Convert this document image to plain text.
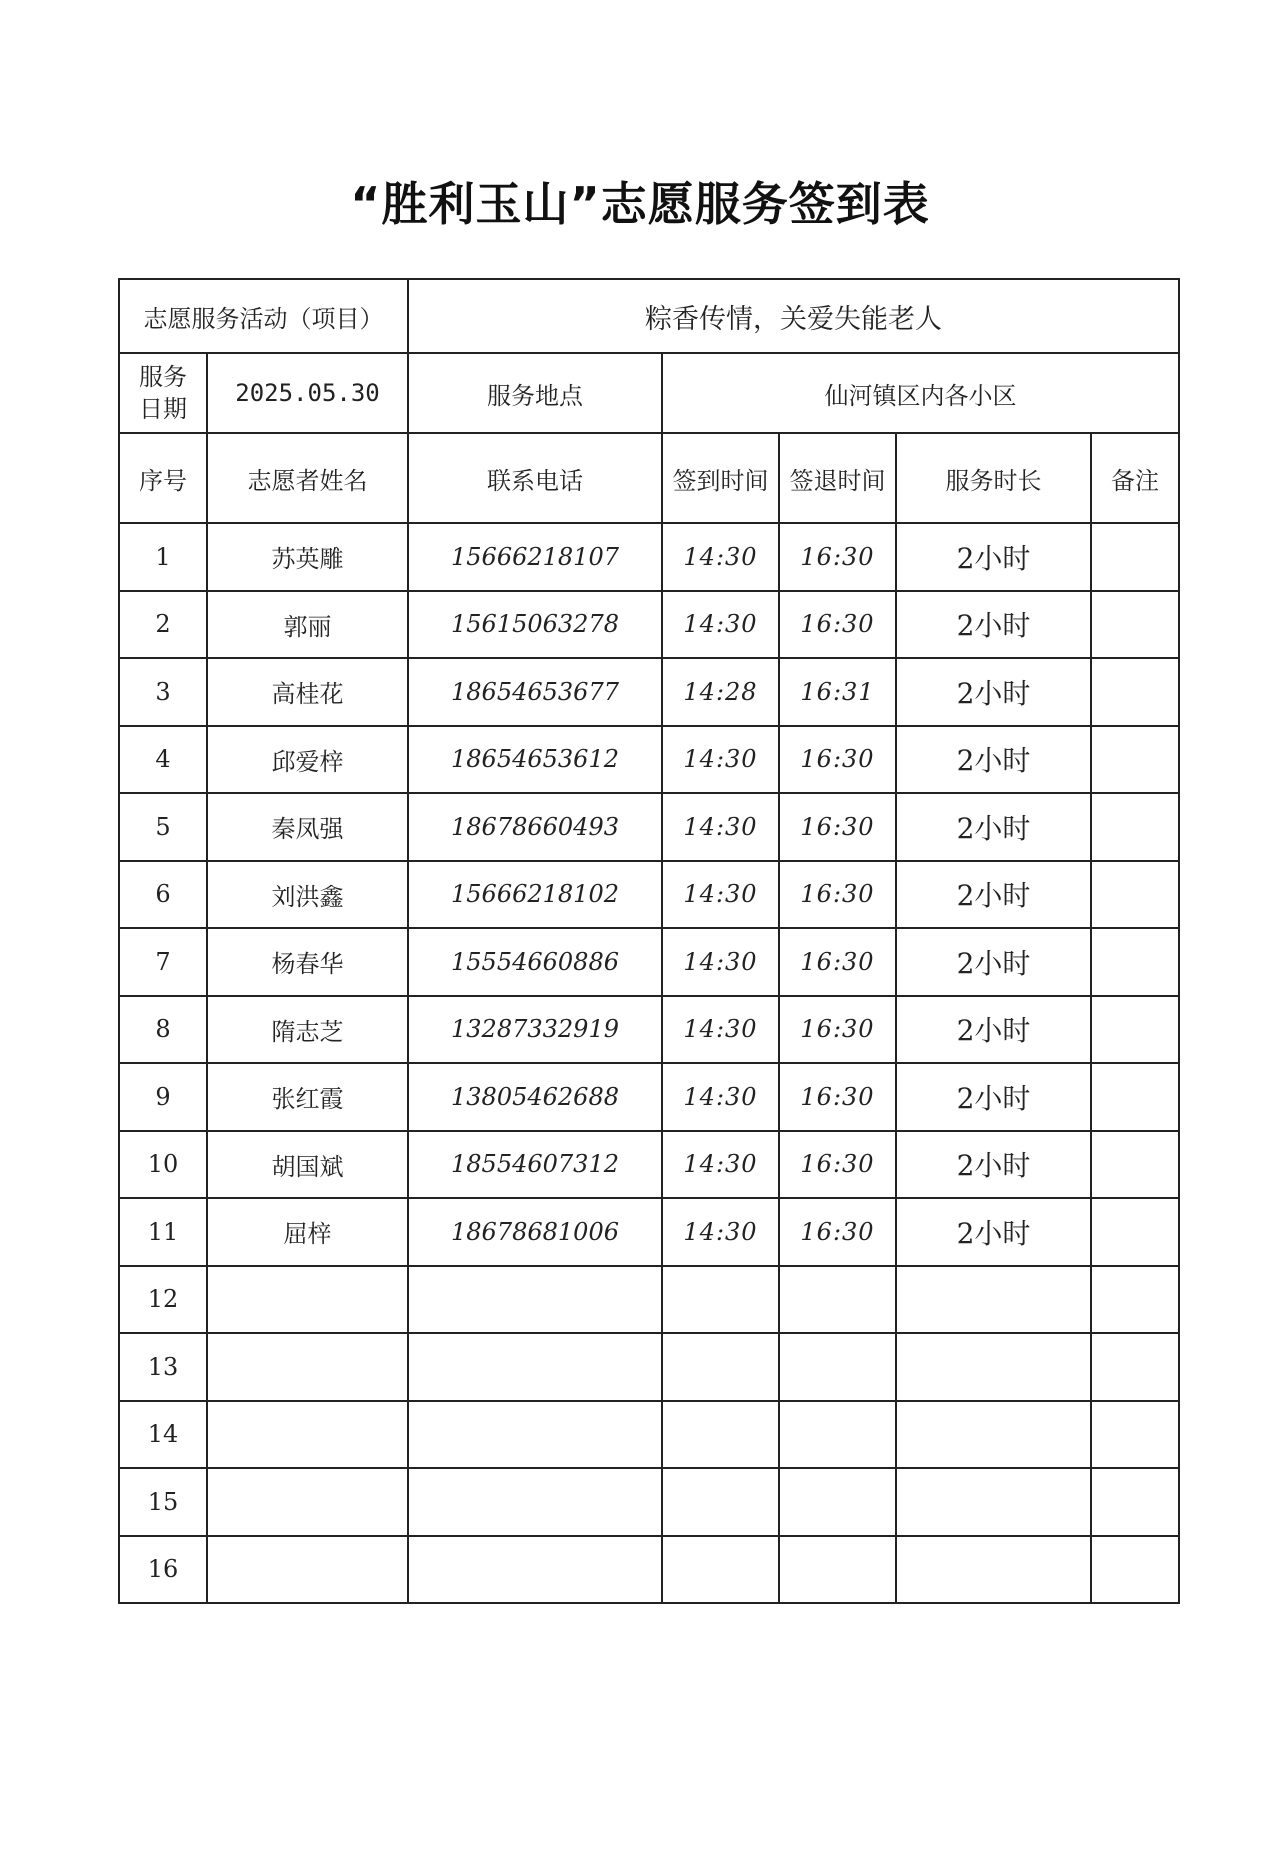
“胜利玉山”志愿服务签到表
志愿服务活动（项目）		粽香传情，关爱失能老人				
服务
日期	2025.05.30	服务地点	仙河镇区内各小区			
序号	志愿者姓名	联系电话	签到时间	签退时间	服务时长	备注
1	苏英雕	15666218107	14:30	16:30	2小时	
2	郭丽	15615063278	14:30	16:30	2小时	
3	高桂花	18654653677	14:28	16:31	2小时	
4	邱爱梓	18654653612	14:30	16:30	2小时	
5	秦凤强	18678660493	14:30	16:30	2小时	
6	刘洪鑫	15666218102	14:30	16:30	2小时	
7	杨春华	15554660886	14:30	16:30	2小时	
8	隋志芝	13287332919	14:30	16:30	2小时	
9	张红霞	13805462688	14:30	16:30	2小时	
10	胡国斌	18554607312	14:30	16:30	2小时	
11	屈梓	18678681006	14:30	16:30	2小时	
12						
13						
14						
15						
16						
